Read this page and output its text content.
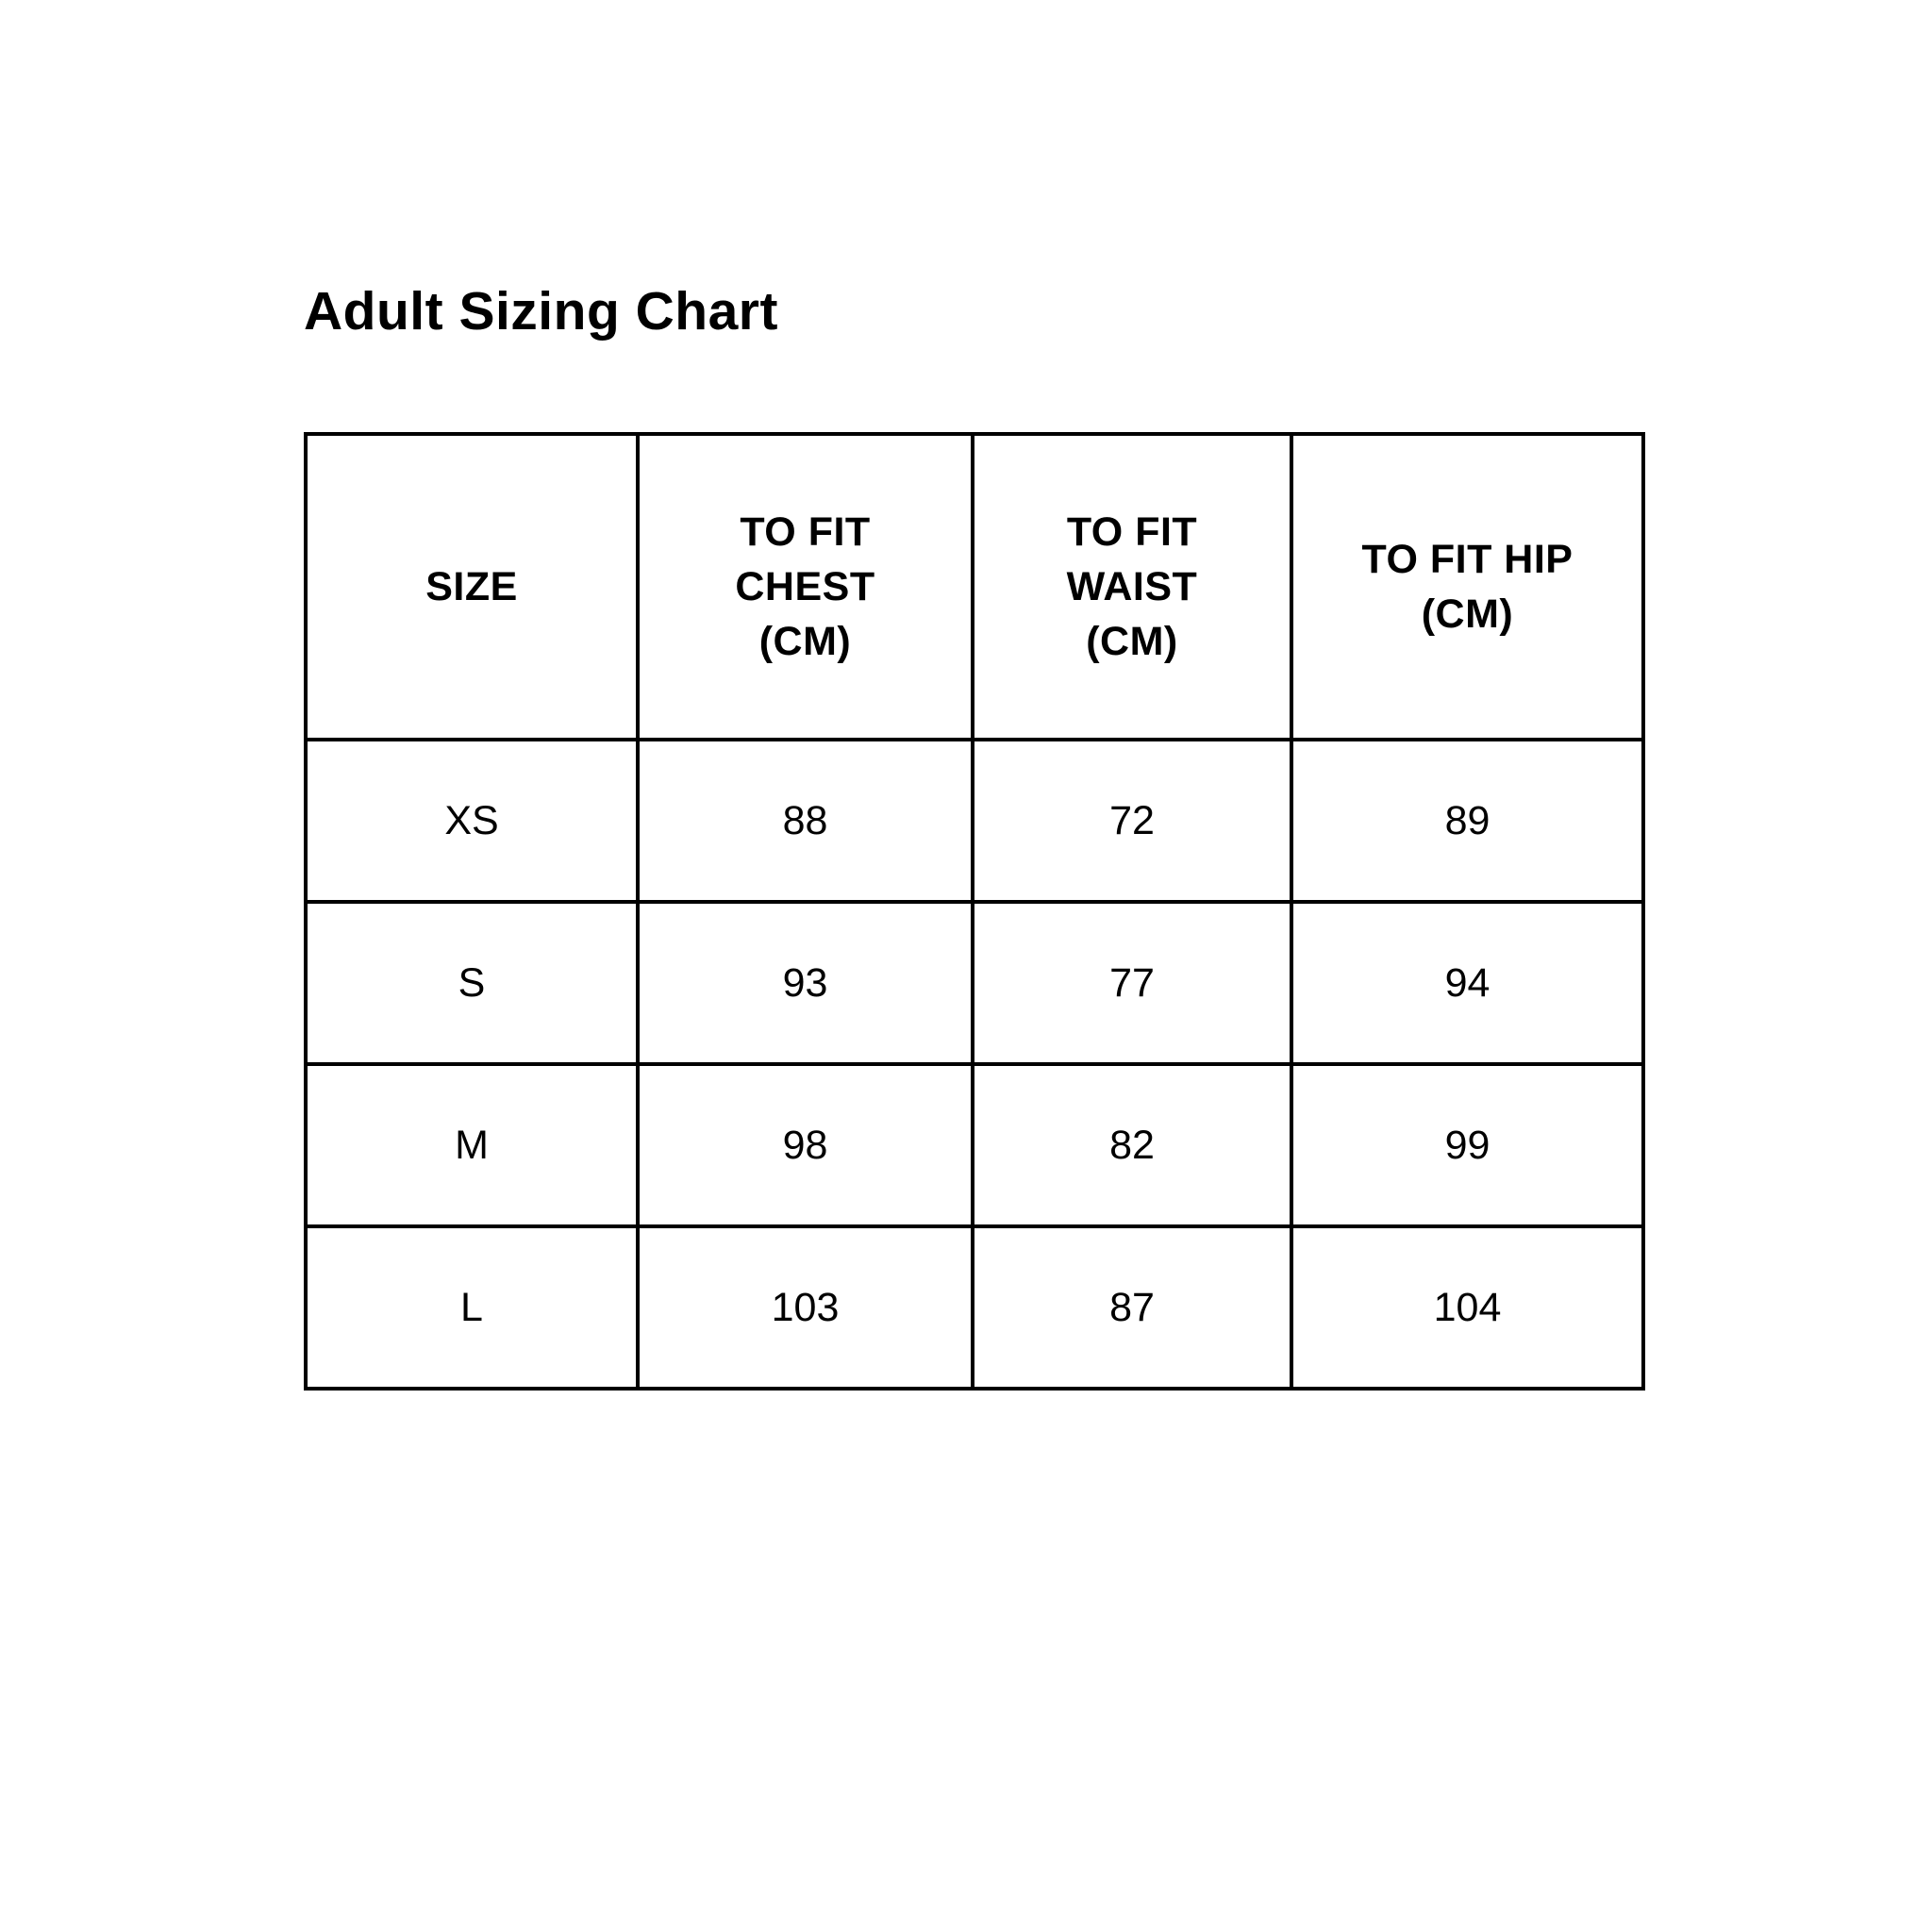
Adult Sizing Chart
SIZE	TO FIT
CHEST
(CM)	TO FIT
WAIST
(CM)	TO FIT HIP
(CM)

XS	88	72	89
S	93	77	94
M	98	82	99
L	103	87	104
